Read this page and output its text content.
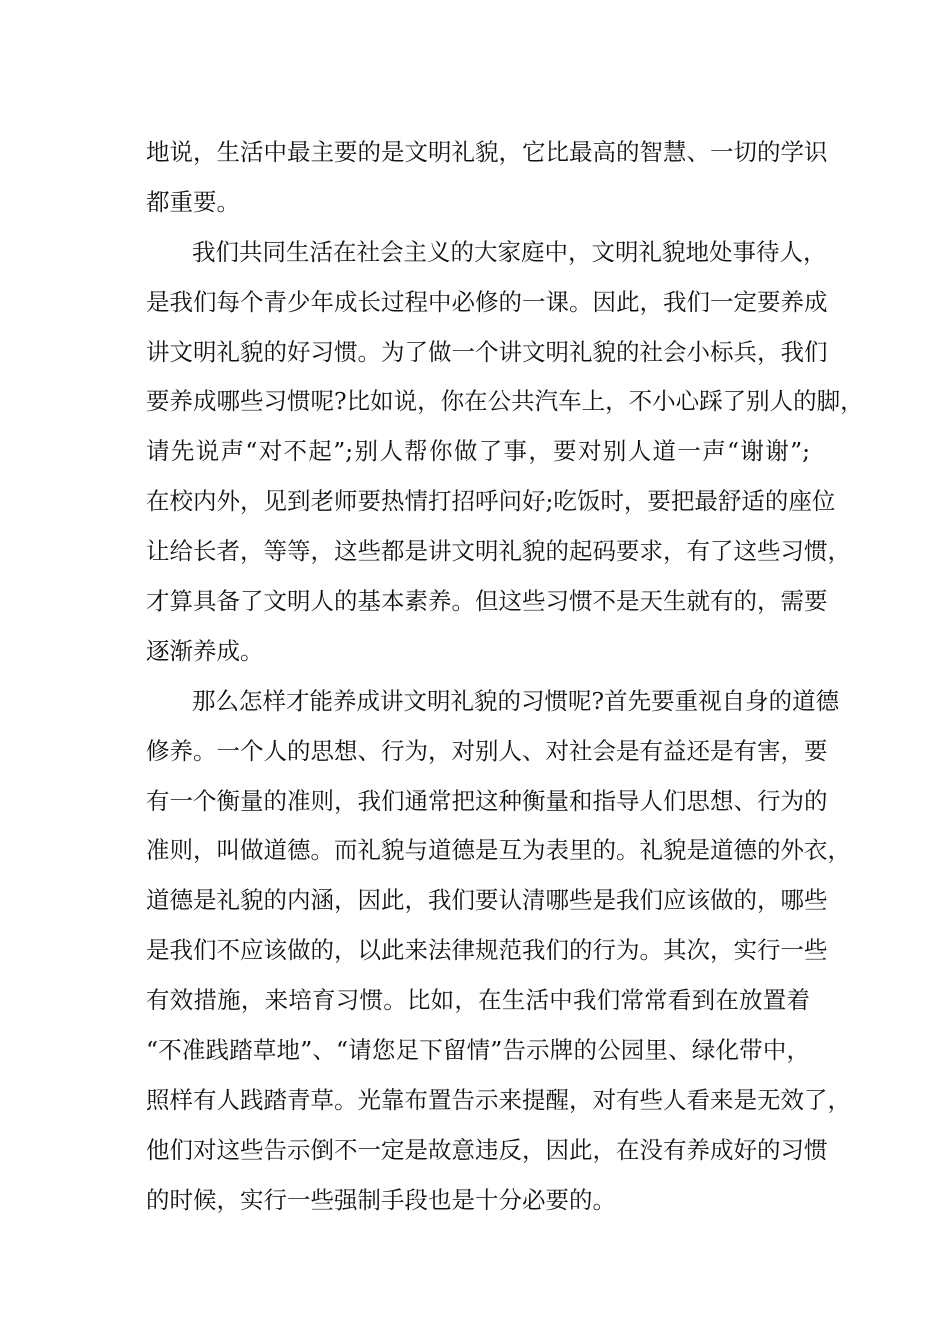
地说，生活中最主要的是文明礼貌，它比最高的智慧、一切的学识
都重要。
我们共同生活在社会主义的大家庭中，文明礼貌地处事待人，
是我们每个青少年成长过程中必修的一课。因此，我们一定要养成
讲文明礼貌的好习惯。为了做一个讲文明礼貌的社会小标兵，我们
要养成哪些习惯呢?比如说，你在公共汽车上，不小心踩了别人的脚，
请先说声“对不起”;别人帮你做了事，要对别人道一声“谢谢”;
在校内外，见到老师要热情打招呼问好;吃饭时，要把最舒适的座位
让给长者，等等，这些都是讲文明礼貌的起码要求，有了这些习惯，
才算具备了文明人的基本素养。但这些习惯不是天生就有的，需要
逐渐养成。
那么怎样才能养成讲文明礼貌的习惯呢?首先要重视自身的道德
修养。一个人的思想、行为，对别人、对社会是有益还是有害，要
有一个衡量的准则，我们通常把这种衡量和指导人们思想、行为的
准则，叫做道德。而礼貌与道德是互为表里的。礼貌是道德的外衣，
道德是礼貌的内涵，因此，我们要认清哪些是我们应该做的，哪些
是我们不应该做的，以此来法律规范我们的行为。其次，实行一些
有效措施，来培育习惯。比如，在生活中我们常常看到在放置着
“不准践踏草地”、“请您足下留情”告示牌的公园里、绿化带中，
照样有人践踏青草。光靠布置告示来提醒，对有些人看来是无效了，
他们对这些告示倒不一定是故意违反，因此，在没有养成好的习惯
的时候，实行一些强制手段也是十分必要的。
